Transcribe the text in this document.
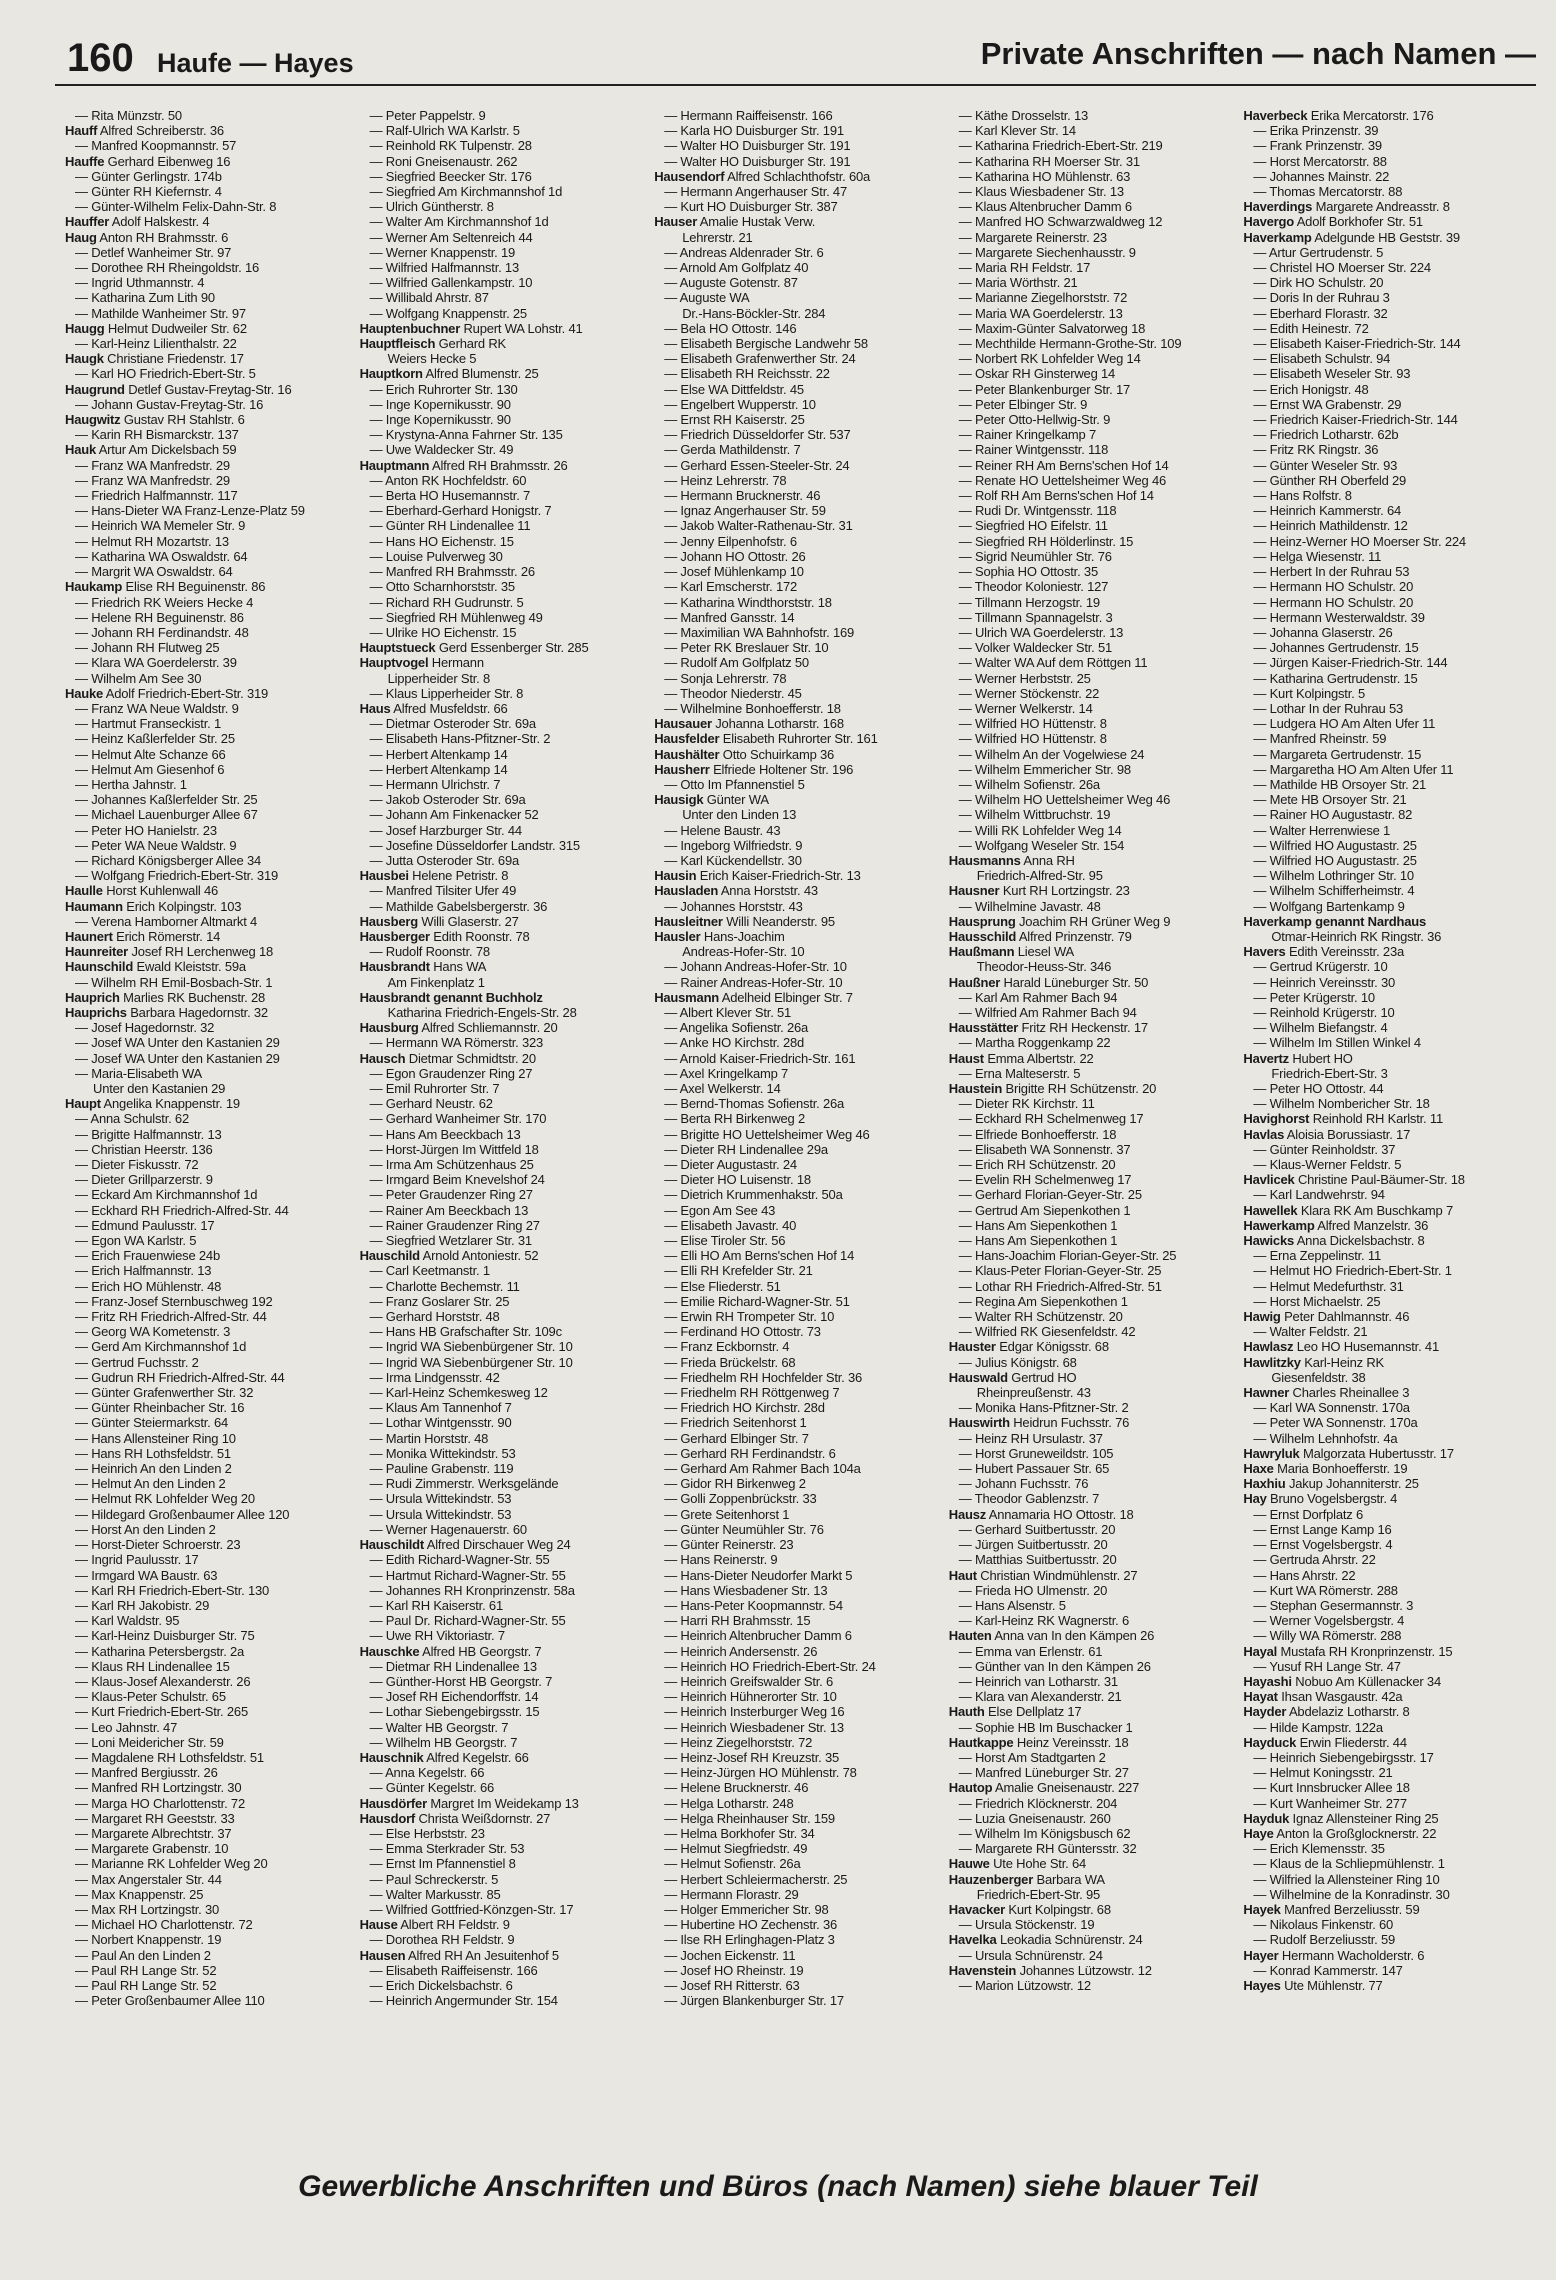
160 Haufe — Hayes	Private Anschriften — nach Namen —
— Rita Münzstr. 50
Hauff Alfred Schreiberstr. 36
— Manfred Koopmannstr. 57
Hauffe Gerhard Eibenweg 16
— Günter Gerlingstr. 174b
— Günter RH Kiefernstr. 4
— Günter-Wilhelm Felix-Dahn-Str. 8
Hauffer Adolf Halskestr. 4
Haug Anton RH Brahmsstr. 6
— Detlef Wanheimer Str. 97
— Dorothee RH Rheingoldstr. 16
— Ingrid Uthmannstr. 4
— Katharina Zum Lith 90
— Mathilde Wanheimer Str. 97
Haugg Helmut Dudweiler Str. 62
— Karl-Heinz Lilienthalstr. 22
Haugk Christiane Friedenstr. 17
— Karl HO Friedrich-Ebert-Str. 5
Haugrund Detlef Gustav-Freytag-Str. 16
— Johann Gustav-Freytag-Str. 16
Haugwitz Gustav RH Stahlstr. 6
— Karin RH Bismarckstr. 137
Hauk Artur Am Dickelsbach 59
— Franz WA Manfredstr. 29
— Franz WA Manfredstr. 29
— Friedrich Halfmannstr. 117
— Hans-Dieter WA Franz-Lenze-Platz 59
— Heinrich WA Memeler Str. 9
— Helmut RH Mozartstr. 13
— Katharina WA Oswaldstr. 64
— Margrit WA Oswaldstr. 64
Haukamp Elise RH Beguinenstr. 86
— Friedrich RK Weiers Hecke 4
— Helene RH Beguinenstr. 86
— Johann RH Ferdinandstr. 48
— Johann RH Flutweg 25
— Klara WA Goerdelerstr. 39
— Wilhelm Am See 30
Hauke Adolf Friedrich-Ebert-Str. 319
— Franz WA Neue Waldstr. 9
— Hartmut Franseckistr. 1
— Heinz Kaßlerfelder Str. 25
— Helmut Alte Schanze 66
— Helmut Am Giesenhof 6
— Hertha Jahnstr. 1
— Johannes Kaßlerfelder Str. 25
— Michael Lauenburger Allee 67
— Peter HO Hanielstr. 23
— Peter WA Neue Waldstr. 9
— Richard Königsberger Allee 34
— Wolfgang Friedrich-Ebert-Str. 319
Haulle Horst Kuhlenwall 46
Haumann Erich Kolpingstr. 103
— Verena Hamborner Altmarkt 4
Haunert Erich Römerstr. 14
Haunreiter Josef RH Lerchenweg 18
Haunschild Ewald Kleiststr. 59a
— Wilhelm RH Emil-Bosbach-Str. 1
Hauprich Marlies RK Buchenstr. 28
Hauprichs Barbara Hagedornstr. 32
— Josef Hagedornstr. 32
— Josef WA Unter den Kastanien 29
— Josef WA Unter den Kastanien 29
— Maria-Elisabeth WA
Unter den Kastanien 29
Haupt Angelika Knappenstr. 19
— Anna Schulstr. 62
— Brigitte Halfmannstr. 13
— Christian Heerstr. 136
— Dieter Fiskusstr. 72
— Dieter Grillparzerstr. 9
— Eckard Am Kirchmannshof 1d
— Eckhard RH Friedrich-Alfred-Str. 44
— Edmund Paulusstr. 17
— Egon WA Karlstr. 5
— Erich Frauenwiese 24b
— Erich Halfmannstr. 13
— Erich HO Mühlenstr. 48
— Franz-Josef Sternbuschweg 192
— Fritz RH Friedrich-Alfred-Str. 44
— Georg WA Kometenstr. 3
— Gerd Am Kirchmannshof 1d
— Gertrud Fuchsstr. 2
— Gudrun RH Friedrich-Alfred-Str. 44
— Günter Grafenwerther Str. 32
— Günter Rheinbacher Str. 16
— Günter Steiermarkstr. 64
— Hans Allensteiner Ring 10
— Hans RH Lothsfeldstr. 51
— Heinrich An den Linden 2
— Helmut An den Linden 2
— Helmut RK Lohfelder Weg 20
— Hildegard Großenbaumer Allee 120
— Horst An den Linden 2
— Horst-Dieter Schroerstr. 23
— Ingrid Paulusstr. 17
— Irmgard WA Baustr. 63
— Karl RH Friedrich-Ebert-Str. 130
— Karl RH Jakobistr. 29
— Karl Waldstr. 95
— Karl-Heinz Duisburger Str. 75
— Katharina Petersbergstr. 2a
— Klaus RH Lindenallee 15
— Klaus-Josef Alexanderstr. 26
— Klaus-Peter Schulstr. 65
— Kurt Friedrich-Ebert-Str. 265
— Leo Jahnstr. 47
— Loni Meidericher Str. 59
— Magdalene RH Lothsfeldstr. 51
— Manfred Bergiusstr. 26
— Manfred RH Lortzingstr. 30
— Marga HO Charlottenstr. 72
— Margaret RH Geeststr. 33
— Margarete Albrechtstr. 37
— Margarete Grabenstr. 10
— Marianne RK Lohfelder Weg 20
— Max Angerstaler Str. 44
— Max Knappenstr. 25
— Max RH Lortzingstr. 30
— Michael HO Charlottenstr. 72
— Norbert Knappenstr. 19
— Paul An den Linden 2
— Paul RH Lange Str. 52
— Paul RH Lange Str. 52
— Peter Großenbaumer Allee 110
— Peter Pappelstr. 9
— Ralf-Ulrich WA Karlstr. 5
— Reinhold RK Tulpenstr. 28
— Roni Gneisenaustr. 262
— Siegfried Beecker Str. 176
— Siegfried Am Kirchmannshof 1d
— Ulrich Güntherstr. 8
— Walter Am Kirchmannshof 1d
— Werner Am Seltenreich 44
— Werner Knappenstr. 19
— Wilfried Halfmannstr. 13
— Wilfried Gallenkampstr. 10
— Willibald Ahrstr. 87
— Wolfgang Knappenstr. 25
Hauptenbuchner Rupert WA Lohstr. 41
Hauptfleisch Gerhard RK
Weiers Hecke 5
Hauptkorn Alfred Blumenstr. 25
— Erich Ruhrorter Str. 130
— Inge Kopernikusstr. 90
— Inge Kopernikusstr. 90
— Krystyna-Anna Fahrner Str. 135
— Uwe Waldecker Str. 49
Hauptmann Alfred RH Brahmsstr. 26
— Anton RK Hochfeldstr. 60
— Berta HO Husemannstr. 7
— Eberhard-Gerhard Honigstr. 7
— Günter RH Lindenallee 11
— Hans HO Eichenstr. 15
— Louise Pulverweg 30
— Manfred RH Brahmsstr. 26
— Otto Scharnhorststr. 35
— Richard RH Gudrunstr. 5
— Siegfried RH Mühlenweg 49
— Ulrike HO Eichenstr. 15
Hauptstueck Gerd Essenberger Str. 285
Hauptvogel Hermann
Lipperheider Str. 8
— Klaus Lipperheider Str. 8
Haus Alfred Musfeldstr. 66
— Dietmar Osteroder Str. 69a
— Elisabeth Hans-Pfitzner-Str. 2
— Herbert Altenkamp 14
— Herbert Altenkamp 14
— Hermann Ulrichstr. 7
— Jakob Osteroder Str. 69a
— Johann Am Finkenacker 52
— Josef Harzburger Str. 44
— Josefine Düsseldorfer Landstr. 315
— Jutta Osteroder Str. 69a
Hausbei Helene Petristr. 8
— Manfred Tilsiter Ufer 49
— Mathilde Gabelsbergerstr. 36
Hausberg Willi Glaserstr. 27
Hausberger Edith Roonstr. 78
— Rudolf Roonstr. 78
Hausbrandt Hans WA
Am Finkenplatz 1
Hausbrandt genannt Buchholz
Katharina Friedrich-Engels-Str. 28
Hausburg Alfred Schliemannstr. 20
— Hermann WA Römerstr. 323
Hausch Dietmar Schmidtstr. 20
— Egon Graudenzer Ring 27
— Emil Ruhrorter Str. 7
— Gerhard Neustr. 62
— Gerhard Wanheimer Str. 170
— Hans Am Beeckbach 13
— Horst-Jürgen Im Wittfeld 18
— Irma Am Schützenhaus 25
— Irmgard Beim Knevelshof 24
— Peter Graudenzer Ring 27
— Rainer Am Beeckbach 13
— Rainer Graudenzer Ring 27
— Siegfried Wetzlarer Str. 31
Hauschild Arnold Antoniestr. 52
— Carl Keetmanstr. 1
— Charlotte Bechemstr. 11
— Franz Goslarer Str. 25
— Gerhard Horststr. 48
— Hans HB Grafschafter Str. 109c
— Ingrid WA Siebenbürgener Str. 10
— Ingrid WA Siebenbürgener Str. 10
— Irma Lindgensstr. 42
— Karl-Heinz Schemkesweg 12
— Klaus Am Tannenhof 7
— Lothar Wintgensstr. 90
— Martin Horststr. 48
— Monika Wittekindstr. 53
— Pauline Grabenstr. 119
— Rudi Zimmerstr. Werksgelände
— Ursula Wittekindstr. 53
— Ursula Wittekindstr. 53
— Werner Hagenauerstr. 60
Hauschildt Alfred Dirschauer Weg 24
— Edith Richard-Wagner-Str. 55
— Hartmut Richard-Wagner-Str. 55
— Johannes RH Kronprinzenstr. 58a
— Karl RH Kaiserstr. 61
— Paul Dr. Richard-Wagner-Str. 55
— Uwe RH Viktoriastr. 7
Hauschke Alfred HB Georgstr. 7
— Dietmar RH Lindenallee 13
— Günther-Horst HB Georgstr. 7
— Josef RH Eichendorffstr. 14
— Lothar Siebengebirgsstr. 15
— Walter HB Georgstr. 7
— Wilhelm HB Georgstr. 7
Hauschnik Alfred Kegelstr. 66
— Anna Kegelstr. 66
— Günter Kegelstr. 66
Hausdörfer Margret Im Weidekamp 13
Hausdorf Christa Weißdornstr. 27
— Else Herbststr. 23
— Emma Sterkrader Str. 53
— Ernst Im Pfannenstiel 8
— Paul Schreckerstr. 5
— Walter Markusstr. 85
— Wilfried Gottfried-Könzgen-Str. 17
Hause Albert RH Feldstr. 9
— Dorothea RH Feldstr. 9
Hausen Alfred RH An Jesuitenhof 5
— Elisabeth Raiffeisenstr. 166
— Erich Dickelsbachstr. 6
— Heinrich Angermunder Str. 154
— Hermann Raiffeisenstr. 166
— Karla HO Duisburger Str. 191
— Walter HO Duisburger Str. 191
— Walter HO Duisburger Str. 191
Hausendorf Alfred Schlachthofstr. 60a
— Hermann Angerhauser Str. 47
— Kurt HO Duisburger Str. 387
Hauser Amalie Hustak Verw.
Lehrerstr. 21
— Andreas Aldenrader Str. 6
— Arnold Am Golfplatz 40
— Auguste Gotenstr. 87
— Auguste WA
Dr.-Hans-Böckler-Str. 284
— Bela HO Ottostr. 146
— Elisabeth Bergische Landwehr 58
— Elisabeth Grafenwerther Str. 24
— Elisabeth RH Reichsstr. 22
— Else WA Dittfeldstr. 45
— Engelbert Wupperstr. 10
— Ernst RH Kaiserstr. 25
— Friedrich Düsseldorfer Str. 537
— Gerda Mathildenstr. 7
— Gerhard Essen-Steeler-Str. 24
— Heinz Lehrerstr. 78
— Hermann Brucknerstr. 46
— Ignaz Angerhauser Str. 59
— Jakob Walter-Rathenau-Str. 31
— Jenny Eilpenhofstr. 6
— Johann HO Ottostr. 26
— Josef Mühlenkamp 10
— Karl Emscherstr. 172
— Katharina Windthorststr. 18
— Manfred Gansstr. 14
— Maximilian WA Bahnhofstr. 169
— Peter RK Breslauer Str. 10
— Rudolf Am Golfplatz 50
— Sonja Lehrerstr. 78
— Theodor Niederstr. 45
— Wilhelmine Bonhoefferstr. 18
Hausauer Johanna Lotharstr. 168
Hausfelder Elisabeth Ruhrorter Str. 161
Haushälter Otto Schuirkamp 36
Hausherr Elfriede Holtener Str. 196
— Otto Im Pfannenstiel 5
Hausigk Günter WA
Unter den Linden 13
— Helene Baustr. 43
— Ingeborg Wilfriedstr. 9
— Karl Kückendellstr. 30
Hausin Erich Kaiser-Friedrich-Str. 13
Hausladen Anna Horststr. 43
— Johannes Horststr. 43
Hausleitner Willi Neanderstr. 95
Hausler Hans-Joachim
Andreas-Hofer-Str. 10
— Johann Andreas-Hofer-Str. 10
— Rainer Andreas-Hofer-Str. 10
Hausmann Adelheid Elbinger Str. 7
— Albert Klever Str. 51
— Angelika Sofienstr. 26a
— Anke HO Kirchstr. 28d
— Arnold Kaiser-Friedrich-Str. 161
— Axel Kringelkamp 7
— Axel Welkerstr. 14
— Bernd-Thomas Sofienstr. 26a
— Berta RH Birkenweg 2
— Brigitte HO Uettelsheimer Weg 46
— Dieter RH Lindenallee 29a
— Dieter Augustastr. 24
— Dieter HO Luisenstr. 18
— Dietrich Krummenhakstr. 50a
— Egon Am See 43
— Elisabeth Javastr. 40
— Elise Tiroler Str. 56
— Elli HO Am Berns'schen Hof 14
— Elli RH Krefelder Str. 21
— Else Fliederstr. 51
— Emilie Richard-Wagner-Str. 51
— Erwin RH Trompeter Str. 10
— Ferdinand HO Ottostr. 73
— Franz Eckbornstr. 4
— Frieda Brückelstr. 68
— Friedhelm RH Hochfelder Str. 36
— Friedhelm RH Röttgenweg 7
— Friedrich HO Kirchstr. 28d
— Friedrich Seitenhorst 1
— Gerhard Elbinger Str. 7
— Gerhard RH Ferdinandstr. 6
— Gerhard Am Rahmer Bach 104a
— Gidor RH Birkenweg 2
— Golli Zoppenbrückstr. 33
— Grete Seitenhorst 1
— Günter Neumühler Str. 76
— Günter Reinerstr. 23
— Hans Reinerstr. 9
— Hans-Dieter Neudorfer Markt 5
— Hans Wiesbadener Str. 13
— Hans-Peter Koopmannstr. 54
— Harri RH Brahmsstr. 15
— Heinrich Altenbrucher Damm 6
— Heinrich Andersenstr. 26
— Heinrich HO Friedrich-Ebert-Str. 24
— Heinrich Greifswalder Str. 6
— Heinrich Hühnerorter Str. 10
— Heinrich Insterburger Weg 16
— Heinrich Wiesbadener Str. 13
— Heinz Ziegelhorststr. 72
— Heinz-Josef RH Kreuzstr. 35
— Heinz-Jürgen HO Mühlenstr. 78
— Helene Brucknerstr. 46
— Helga Lotharstr. 248
— Helga Rheinhauser Str. 159
— Helma Borkhofer Str. 34
— Helmut Siegfriedstr. 49
— Helmut Sofienstr. 26a
— Herbert Schleiermacherstr. 25
— Hermann Florastr. 29
— Holger Emmericher Str. 98
— Hubertine HO Zechenstr. 36
— Ilse RH Erlinghagen-Platz 3
— Jochen Eickenstr. 11
— Josef HO Rheinstr. 19
— Josef RH Ritterstr. 63
— Jürgen Blankenburger Str. 17
— Käthe Drosselstr. 13
— Karl Klever Str. 14
— Katharina Friedrich-Ebert-Str. 219
— Katharina RH Moerser Str. 31
— Katharina HO Mühlenstr. 63
— Klaus Wiesbadener Str. 13
— Klaus Altenbrucher Damm 6
— Manfred HO Schwarzwaldweg 12
— Margarete Reinerstr. 23
— Margarete Siechenhausstr. 9
— Maria RH Feldstr. 17
— Maria Wörthstr. 21
— Marianne Ziegelhorststr. 72
— Maria WA Goerdelerstr. 13
— Maxim-Günter Salvatorweg 18
— Mechthilde Hermann-Grothe-Str. 109
— Norbert RK Lohfelder Weg 14
— Oskar RH Ginsterweg 14
— Peter Blankenburger Str. 17
— Peter Elbinger Str. 9
— Peter Otto-Hellwig-Str. 9
— Rainer Kringelkamp 7
— Rainer Wintgensstr. 118
— Reiner RH Am Berns'schen Hof 14
— Renate HO Uettelsheimer Weg 46
— Rolf RH Am Berns'schen Hof 14
— Rudi Dr. Wintgensstr. 118
— Siegfried HO Eifelstr. 11
— Siegfried RH Hölderlinstr. 15
— Sigrid Neumühler Str. 76
— Sophia HO Ottostr. 35
— Theodor Koloniestr. 127
— Tillmann Herzogstr. 19
— Tillmann Spannagelstr. 3
— Ulrich WA Goerdelerstr. 13
— Volker Waldecker Str. 51
— Walter WA Auf dem Röttgen 11
— Werner Herbststr. 25
— Werner Stöckenstr. 22
— Werner Welkerstr. 14
— Wilfried HO Hüttenstr. 8
— Wilfried HO Hüttenstr. 8
— Wilhelm An der Vogelwiese 24
— Wilhelm Emmericher Str. 98
— Wilhelm Sofienstr. 26a
— Wilhelm HO Uettelsheimer Weg 46
— Wilhelm Wittbruchstr. 19
— Willi RK Lohfelder Weg 14
— Wolfgang Weseler Str. 154
Hausmanns Anna RH
Friedrich-Alfred-Str. 95
Hausner Kurt RH Lortzingstr. 23
— Wilhelmine Javastr. 48
Hausprung Joachim RH Grüner Weg 9
Hausschild Alfred Prinzenstr. 79
Haußmann Liesel WA
Theodor-Heuss-Str. 346
Haußner Harald Lüneburger Str. 50
— Karl Am Rahmer Bach 94
— Wilfried Am Rahmer Bach 94
Hausstätter Fritz RH Heckenstr. 17
— Martha Roggenkamp 22
Haust Emma Albertstr. 22
— Erna Malteserstr. 5
Haustein Brigitte RH Schützenstr. 20
— Dieter RK Kirchstr. 11
— Eckhard RH Schelmenweg 17
— Elfriede Bonhoefferstr. 18
— Elisabeth WA Sonnenstr. 37
— Erich RH Schützenstr. 20
— Evelin RH Schelmenweg 17
— Gerhard Florian-Geyer-Str. 25
— Gertrud Am Siepenkothen 1
— Hans Am Siepenkothen 1
— Hans Am Siepenkothen 1
— Hans-Joachim Florian-Geyer-Str. 25
— Klaus-Peter Florian-Geyer-Str. 25
— Lothar RH Friedrich-Alfred-Str. 51
— Regina Am Siepenkothen 1
— Walter RH Schützenstr. 20
— Wilfried RK Giesenfeldstr. 42
Hauster Edgar Königsstr. 68
— Julius Königstr. 68
Hauswald Gertrud HO
Rheinpreußenstr. 43
— Monika Hans-Pfitzner-Str. 2
Hauswirth Heidrun Fuchsstr. 76
— Heinz RH Ursulastr. 37
— Horst Gruneweildstr. 105
— Hubert Passauer Str. 65
— Johann Fuchsstr. 76
— Theodor Gablenzstr. 7
Hausz Annamaria HO Ottostr. 18
— Gerhard Suitbertusstr. 20
— Jürgen Suitbertusstr. 20
— Matthias Suitbertusstr. 20
Haut Christian Windmühlenstr. 27
— Frieda HO Ulmenstr. 20
— Hans Alsenstr. 5
— Karl-Heinz RK Wagnerstr. 6
Hauten Anna van In den Kämpen 26
— Emma van Erlenstr. 61
— Günther van In den Kämpen 26
— Heinrich van Lotharstr. 31
— Klara van Alexanderstr. 21
Hauth Else Dellplatz 17
— Sophie HB Im Buschacker 1
Hautkappe Heinz Vereinsstr. 18
— Horst Am Stadtgarten 2
— Manfred Lüneburger Str. 27
Hautop Amalie Gneisenaustr. 227
— Friedrich Klöcknerstr. 204
— Luzia Gneisenaustr. 260
— Wilhelm Im Königsbusch 62
— Margarete RH Güntersstr. 32
Hauwe Ute Hohe Str. 64
Hauzenberger Barbara WA
Friedrich-Ebert-Str. 95
Havacker Kurt Kolpingstr. 68
— Ursula Stöckenstr. 19
Havelka Leokadia Schnürenstr. 24
— Ursula Schnürenstr. 24
Havenstein Johannes Lützowstr. 12
— Marion Lützowstr. 12
Haverbeck Erika Mercatorstr. 176
— Erika Prinzenstr. 39
— Frank Prinzenstr. 39
— Horst Mercatorstr. 88
— Johannes Mainstr. 22
— Thomas Mercatorstr. 88
Haverdings Margarete Andreasstr. 8
Havergo Adolf Borkhofer Str. 51
Haverkamp Adelgunde HB Geststr. 39
— Artur Gertrudenstr. 5
— Christel HO Moerser Str. 224
— Dirk HO Schulstr. 20
— Doris In der Ruhrau 3
— Eberhard Florastr. 32
— Edith Heinestr. 72
— Elisabeth Kaiser-Friedrich-Str. 144
— Elisabeth Schulstr. 94
— Elisabeth Weseler Str. 93
— Erich Honigstr. 48
— Ernst WA Grabenstr. 29
— Friedrich Kaiser-Friedrich-Str. 144
— Friedrich Lotharstr. 62b
— Fritz RK Ringstr. 36
— Günter Weseler Str. 93
— Günther RH Oberfeld 29
— Hans Rolfstr. 8
— Heinrich Kammerstr. 64
— Heinrich Mathildenstr. 12
— Heinz-Werner HO Moerser Str. 224
— Helga Wiesenstr. 11
— Herbert In der Ruhrau 53
— Hermann HO Schulstr. 20
— Hermann HO Schulstr. 20
— Hermann Westerwaldstr. 39
— Johanna Glaserstr. 26
— Johannes Gertrudenstr. 15
— Jürgen Kaiser-Friedrich-Str. 144
— Katharina Gertrudenstr. 15
— Kurt Kolpingstr. 5
— Lothar In der Ruhrau 53
— Ludgera HO Am Alten Ufer 11
— Manfred Rheinstr. 59
— Margareta Gertrudenstr. 15
— Margaretha HO Am Alten Ufer 11
— Mathilde HB Orsoyer Str. 21
— Mete HB Orsoyer Str. 21
— Rainer HO Augustastr. 82
— Walter Herrenwiese 1
— Wilfried HO Augustastr. 25
— Wilfried HO Augustastr. 25
— Wilhelm Lothringer Str. 10
— Wilhelm Schifferheimstr. 4
— Wolfgang Bartenkamp 9
Haverkamp genannt Nardhaus
Otmar-Heinrich RK Ringstr. 36
Havers Edith Vereinsstr. 23a
— Gertrud Krügerstr. 10
— Heinrich Vereinsstr. 30
— Peter Krügerstr. 10
— Reinhold Krügerstr. 10
— Wilhelm Biefangstr. 4
— Wilhelm Im Stillen Winkel 4
Havertz Hubert HO
Friedrich-Ebert-Str. 3
— Peter HO Ottostr. 44
— Wilhelm Nombericher Str. 18
Havighorst Reinhold RH Karlstr. 11
Havlas Aloisia Borussiastr. 17
— Günter Reinholdstr. 37
— Klaus-Werner Feldstr. 5
Havlicek Christine Paul-Bäumer-Str. 18
— Karl Landwehrstr. 94
Hawellek Klara RK Am Buschkamp 7
Hawerkamp Alfred Manzelstr. 36
Hawicks Anna Dickelsbachstr. 8
— Erna Zeppelinstr. 11
— Helmut HO Friedrich-Ebert-Str. 1
— Helmut Medefurthstr. 31
— Horst Michaelstr. 25
Hawig Peter Dahlmannstr. 46
— Walter Feldstr. 21
Hawlasz Leo HO Husemannstr. 41
Hawlitzky Karl-Heinz RK
Giesenfeldstr. 38
Hawner Charles Rheinallee 3
— Karl WA Sonnenstr. 170a
— Peter WA Sonnenstr. 170a
— Wilhelm Lehnhofstr. 4a
Hawryluk Malgorzata Hubertusstr. 17
Haxe Maria Bonhoefferstr. 19
Haxhiu Jakup Johanniterstr. 25
Hay Bruno Vogelsbergstr. 4
— Ernst Dorfplatz 6
— Ernst Lange Kamp 16
— Ernst Vogelsbergstr. 4
— Gertruda Ahrstr. 22
— Hans Ahrstr. 22
— Kurt WA Römerstr. 288
— Stephan Gesermannstr. 3
— Werner Vogelsbergstr. 4
— Willy WA Römerstr. 288
Hayal Mustafa RH Kronprinzenstr. 15
— Yusuf RH Lange Str. 47
Hayashi Nobuo Am Küllenacker 34
Hayat Ihsan Wasgaustr. 42a
Hayder Abdelaziz Lotharstr. 8
— Hilde Kampstr. 122a
Hayduck Erwin Fliederstr. 44
— Heinrich Siebengebirgsstr. 17
— Helmut Koningsstr. 21
— Kurt Innsbrucker Allee 18
— Kurt Wanheimer Str. 277
Hayduk Ignaz Allensteiner Ring 25
Haye Anton la Großglocknerstr. 22
— Erich Klemensstr. 35
— Klaus de la Schliepmühlenstr. 1
— Wilfried la Allensteiner Ring 10
— Wilhelmine de la Konradinstr. 30
Hayek Manfred Berzeliusstr. 59
— Nikolaus Finkenstr. 60
— Rudolf Berzeliusstr. 59
Hayer Hermann Wacholderstr. 6
— Konrad Kammerstr. 147
Hayes Ute Mühlenstr. 77
Gewerbliche Anschriften und Büros (nach Namen) siehe blauer Teil
